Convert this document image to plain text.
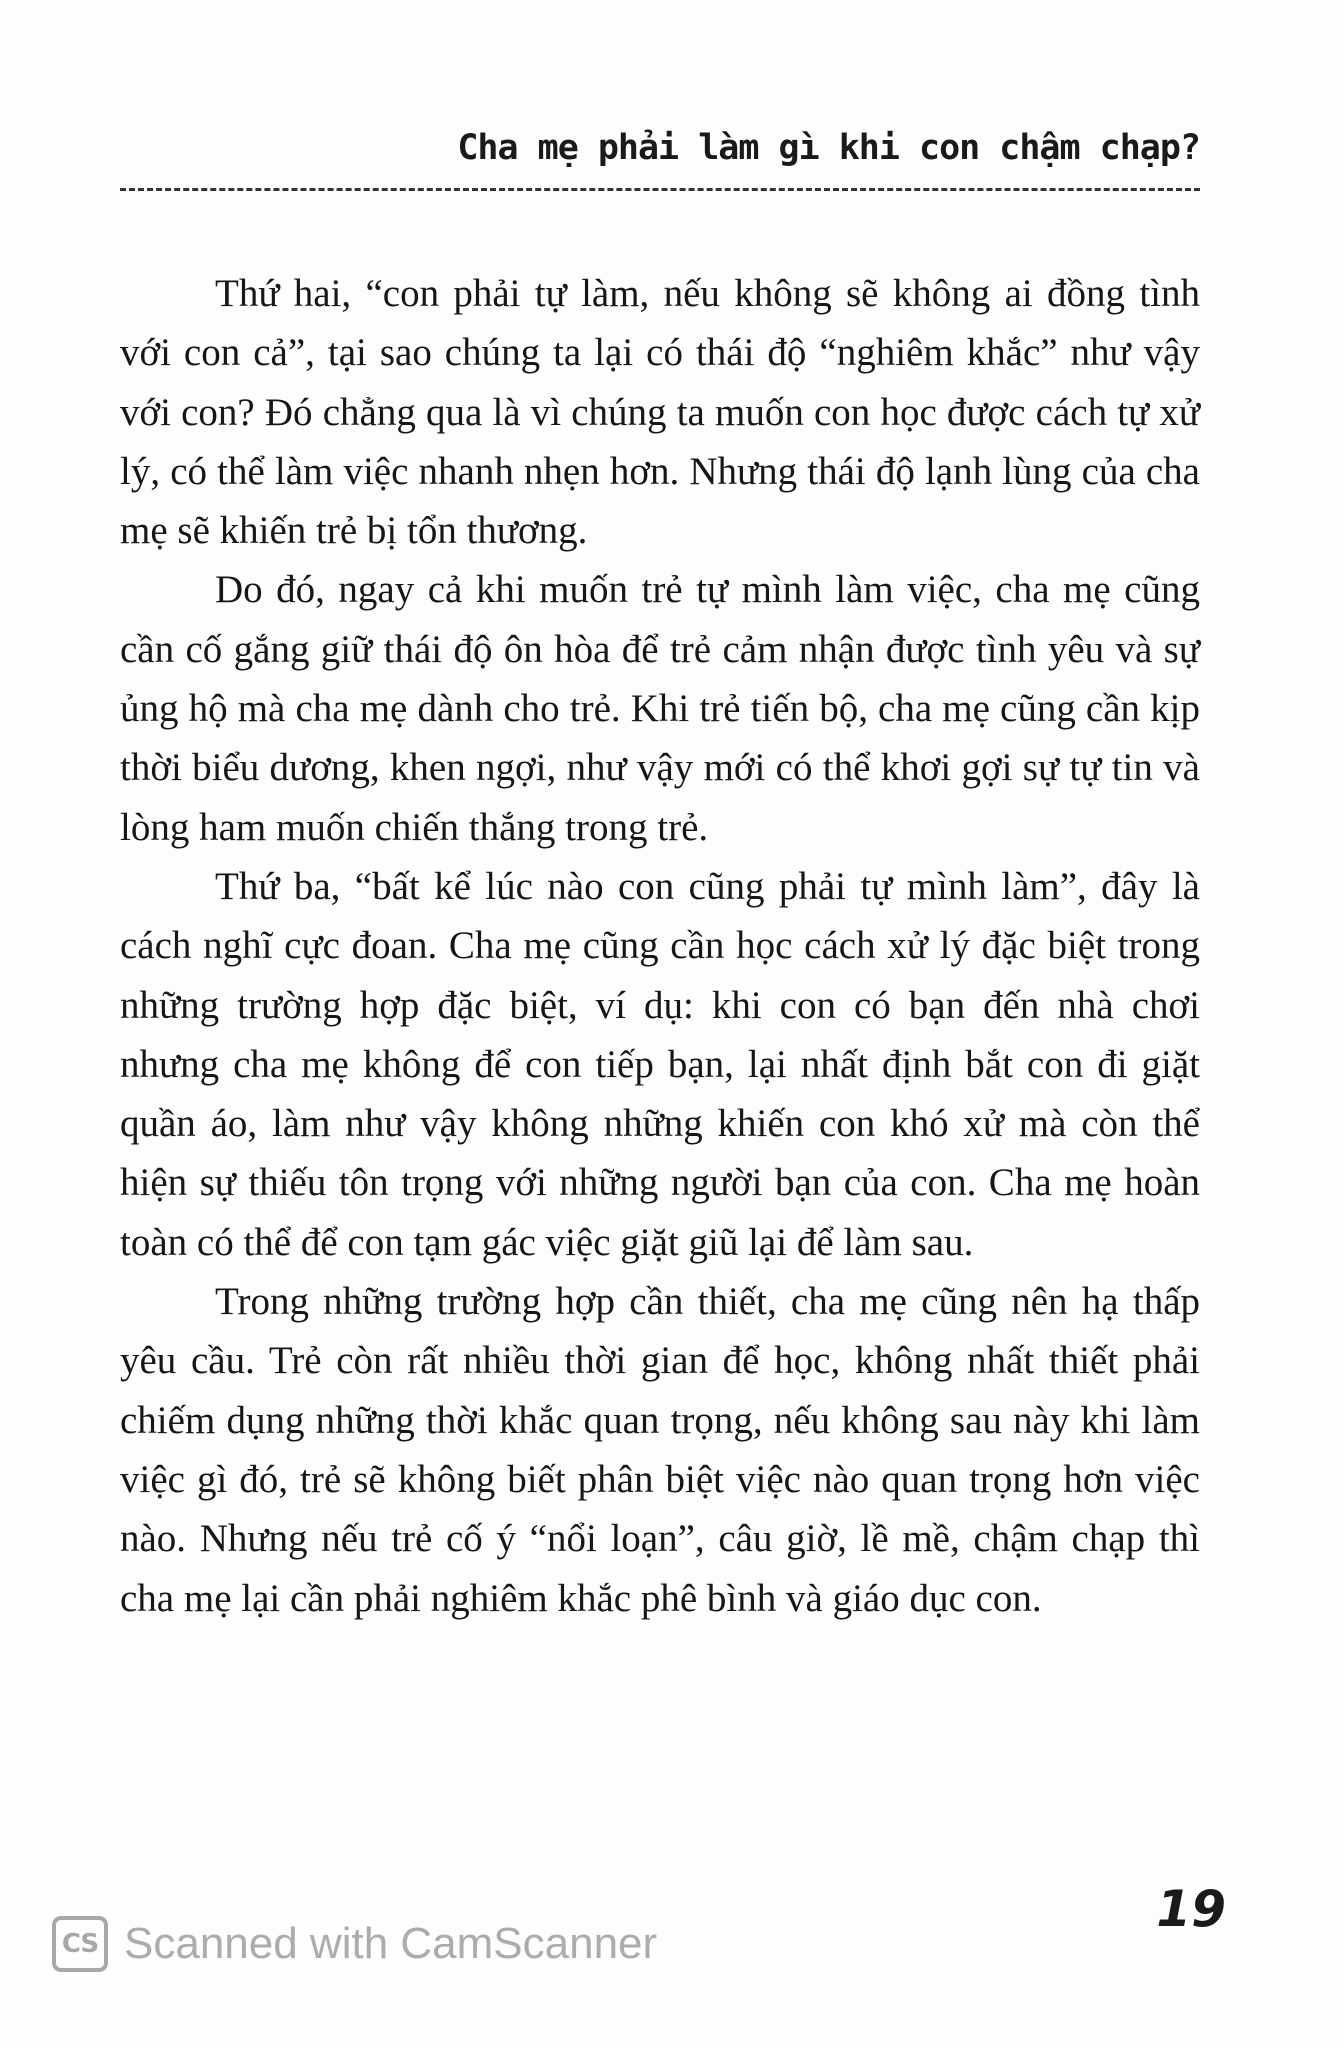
Cha mẹ phải làm gì khi con chậm chạp?

Thứ hai, “con phải tự làm, nếu không sẽ không ai đồng tình với con cả”, tại sao chúng ta lại có thái độ “nghiêm khắc” như vậy với con? Đó chẳng qua là vì chúng ta muốn con học được cách tự xử lý, có thể làm việc nhanh nhẹn hơn. Nhưng thái độ lạnh lùng của cha mẹ sẽ khiến trẻ bị tổn thương.

Do đó, ngay cả khi muốn trẻ tự mình làm việc, cha mẹ cũng cần cố gắng giữ thái độ ôn hòa để trẻ cảm nhận được tình yêu và sự ủng hộ mà cha mẹ dành cho trẻ. Khi trẻ tiến bộ, cha mẹ cũng cần kịp thời biểu dương, khen ngợi, như vậy mới có thể khơi gợi sự tự tin và lòng ham muốn chiến thắng trong trẻ.

Thứ ba, “bất kể lúc nào con cũng phải tự mình làm”, đây là cách nghĩ cực đoan. Cha mẹ cũng cần học cách xử lý đặc biệt trong những trường hợp đặc biệt, ví dụ: khi con có bạn đến nhà chơi nhưng cha mẹ không để con tiếp bạn, lại nhất định bắt con đi giặt quần áo, làm như vậy không những khiến con khó xử mà còn thể hiện sự thiếu tôn trọng với những người bạn của con. Cha mẹ hoàn toàn có thể để con tạm gác việc giặt giũ lại để làm sau.

Trong những trường hợp cần thiết, cha mẹ cũng nên hạ thấp yêu cầu. Trẻ còn rất nhiều thời gian để học, không nhất thiết phải chiếm dụng những thời khắc quan trọng, nếu không sau này khi làm việc gì đó, trẻ sẽ không biết phân biệt việc nào quan trọng hơn việc nào. Nhưng nếu trẻ cố ý “nổi loạn”, câu giờ, lề mề, chậm chạp thì cha mẹ lại cần phải nghiêm khắc phê bình và giáo dục con.

CS Scanned with CamScanner
19
